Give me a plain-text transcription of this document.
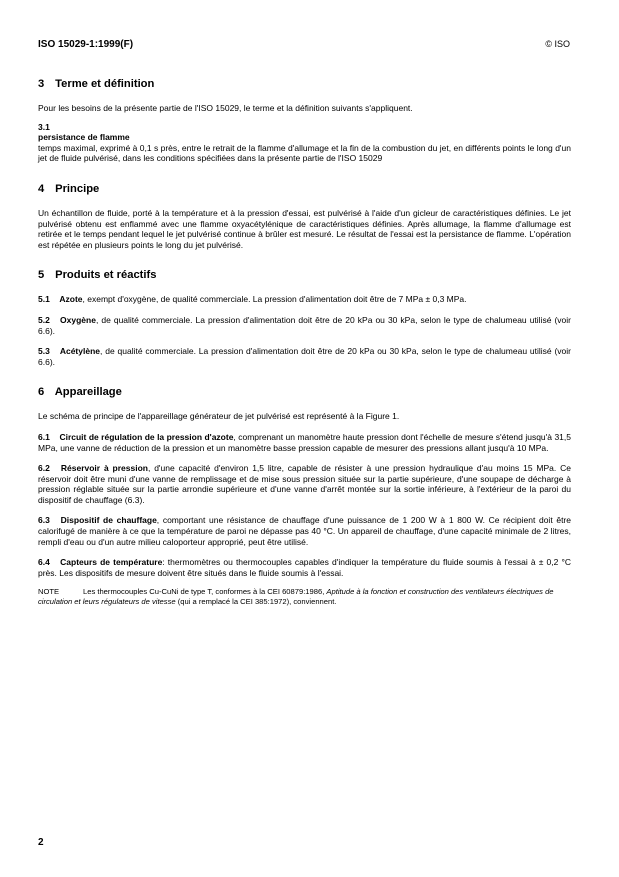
ISO 15029-1:1999(F)	© ISO
3 Terme et définition

Pour les besoins de la présente partie de l'ISO 15029, le terme et la définition suivants s'appliquent.

3.1
persistance de flamme

temps maximal, exprimé à 0,1 s près, entre le retrait de la flamme d'allumage et la fin de la combustion du jet, en différents points le long d'un jet de fluide pulvérisé, dans les conditions spécifiées dans la présente partie de l'ISO 15029

4 Principe

Un échantillon de fluide, porté à la température et à la pression d'essai, est pulvérisé à l'aide d'un gicleur de caractéristiques définies. Le jet pulvérisé obtenu est enflammé avec une flamme oxyacétylénique de caractéristiques définies. Après allumage, la flamme d'allumage est retirée et le temps pendant lequel le jet pulvérisé continue à brûler est mesuré. Le résultat de l'essai est la persistance de flamme. L'opération est répétée en plusieurs points le long du jet pulvérisé.

5 Produits et réactifs

5.1 Azote, exempt d'oxygène, de qualité commerciale. La pression d'alimentation doit être de 7 MPa ± 0,3 MPa.

5.2 Oxygène, de qualité commerciale. La pression d'alimentation doit être de 20 kPa ou 30 kPa, selon le type de chalumeau utilisé (voir 6.6).

5.3 Acétylène, de qualité commerciale. La pression d'alimentation doit être de 20 kPa ou 30 kPa, selon le type de chalumeau utilisé (voir 6.6).

6 Appareillage

Le schéma de principe de l'appareillage générateur de jet pulvérisé est représenté à la Figure 1.

6.1 Circuit de régulation de la pression d'azote, comprenant un manomètre haute pression dont l'échelle de mesure s'étend jusqu'à 31,5 MPa, une vanne de réduction de la pression et un manomètre basse pression capable de mesurer des pressions allant jusqu'à 10 MPa.

6.2 Réservoir à pression, d'une capacité d'environ 1,5 litre, capable de résister à une pression hydraulique d'au moins 15 MPa. Ce réservoir doit être muni d'une vanne de remplissage et de mise sous pression située sur la partie supérieure, d'une soupape de décharge à pression réglable située sur la partie arrondie supérieure et d'une vanne d'arrêt montée sur la sortie inférieure, à l'extérieur de la paroi du dispositif de chauffage (6.3).

6.3 Dispositif de chauffage, comportant une résistance de chauffage d'une puissance de 1 200 W à 1 800 W. Ce récipient doit être calorifugé de manière à ce que la température de paroi ne dépasse pas 40 °C. Un appareil de chauffage, d'une capacité minimale de 2 litres, rempli d'eau ou d'un autre milieu caloporteur approprié, peut être utilisé.

6.4 Capteurs de température: thermomètres ou thermocouples capables d'indiquer la température du fluide soumis à l'essai à ± 0,2 °C près. Les dispositifs de mesure doivent être situés dans le fluide soumis à l'essai.

NOTE	Les thermocouples Cu-CuNi de type T, conformes à la CEI 60879:1986, Aptitude à la fonction et construction des ventilateurs électriques de circulation et leurs régulateurs de vitesse (qui a remplacé la CEI 385:1972), conviennent.

2
